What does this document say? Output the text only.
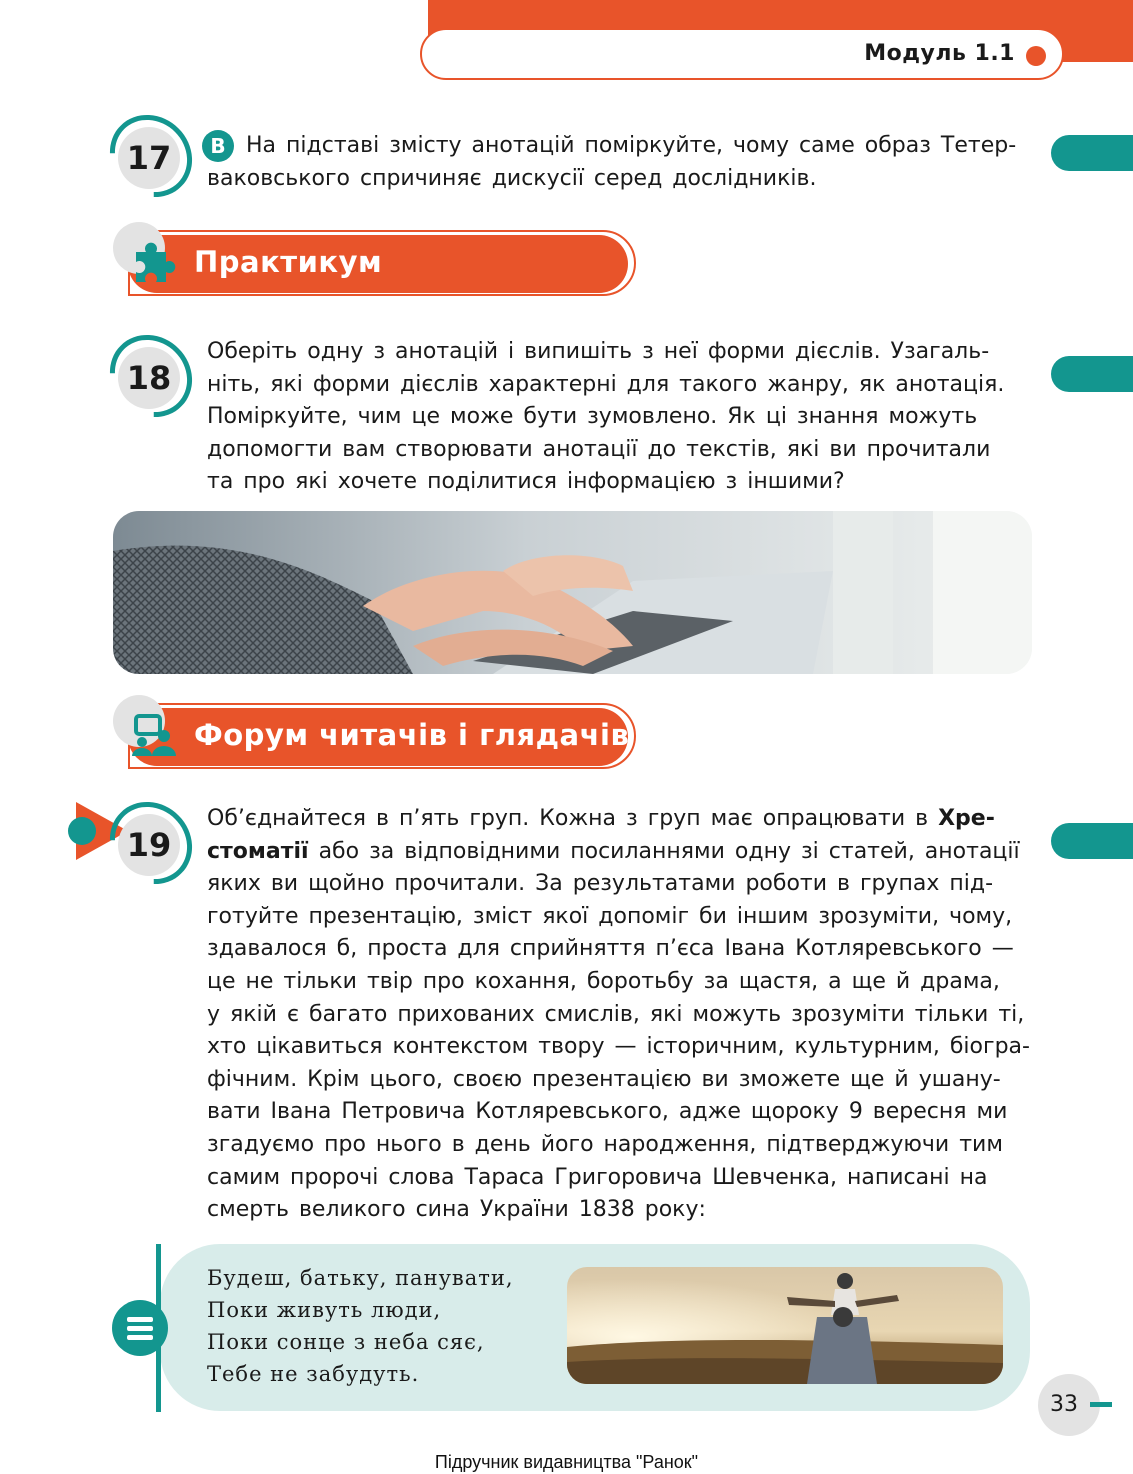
Модуль 1.1
17	В На підставі змісту анотацій поміркуйте, чому саме образ Тетер-
ваковського спричиняє дискусії серед дослідників.
Практикум
18
Оберіть одну з анотацій і випишіть з неї форми дієслів. Узагаль-
ніть, які форми дієслів характерні для такого жанру, як анотація.
Поміркуйте, чим це може бути зумовлено. Як ці знання можуть
допомогти вам створювати анотації до текстів, які ви прочитали
та про які хочете поділитися інформацією з іншими?
Форум читачів і глядачів
19
Об’єднайтеся в п’ять груп. Кожна з груп має опрацювати в Хре-
стоматії або за відповідними посиланнями одну зі статей, анотації
яких ви щойно прочитали. За результатами роботи в групах під-
готуйте презентацію, зміст якої допоміг би іншим зрозуміти, чому,
здавалося б, проста для сприйняття п’єса Івана Котляревського —
це не тільки твір про кохання, боротьбу за щастя, а ще й драма,
у якій є багато прихованих смислів, які можуть зрозуміти тільки ті,
хто цікавиться контекстом твору — історичним, культурним, біогра-
фічним. Крім цього, своєю презентацією ви зможете ще й ушану-
вати Івана Петровича Котляревського, адже щороку 9 вересня ми
згадуємо про нього в день його народження, підтверджуючи тим
самим пророчі слова Тараса Григоровича Шевченка, написані на
смерть великого сина України 1838 року:
Будеш, батьку, панувати,
Поки живуть люди,
Поки сонце з неба сяє,
Тебе не забудуть.
33
Підручник видавництва "Ранок"
